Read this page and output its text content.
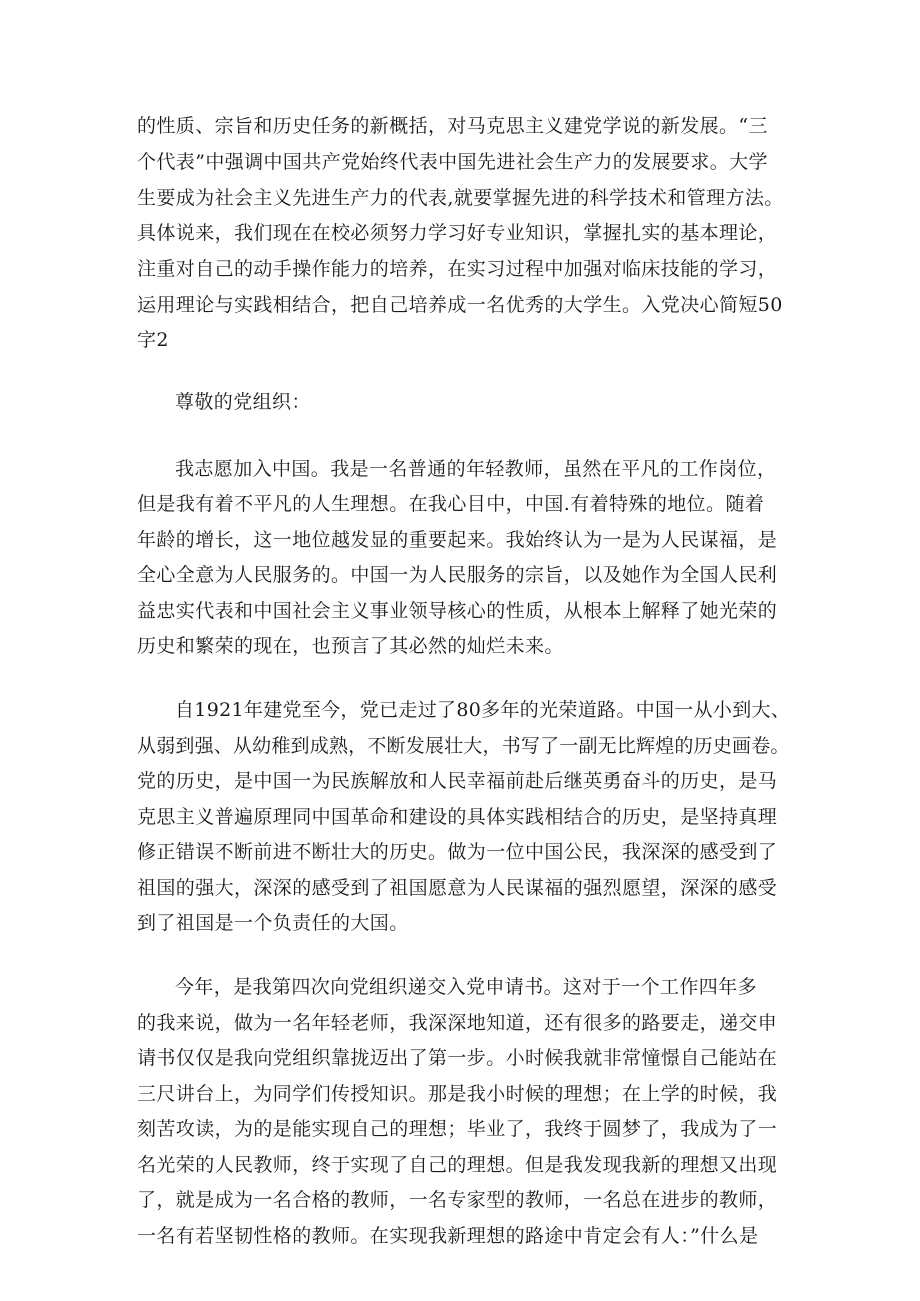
的性质、宗旨和历史任务的新概括，对马克思主义建党学说的新发展。“三
个代表”中强调中国共产党始终代表中国先进社会生产力的发展要求。大学
生要成为社会主义先进生产力的代表,就要掌握先进的科学技术和管理方法。
具体说来，我们现在在校必须努力学习好专业知识，掌握扎实的基本理论，
注重对自己的动手操作能力的培养，在实习过程中加强对临床技能的学习，
运用理论与实践相结合，把自己培养成一名优秀的大学生。入党决心简短50
字2
尊敬的党组织：
我志愿加入中国。我是一名普通的年轻教师，虽然在平凡的工作岗位，
但是我有着不平凡的人生理想。在我心目中，中国.有着特殊的地位。随着
年龄的增长，这一地位越发显的重要起来。我始终认为一是为人民谋福，是
全心全意为人民服务的。中国一为人民服务的宗旨，以及她作为全国人民利
益忠实代表和中国社会主义事业领导核心的性质，从根本上解释了她光荣的
历史和繁荣的现在，也预言了其必然的灿烂未来。
自1921年建党至今，党已走过了80多年的光荣道路。中国一从小到大、
从弱到强、从幼稚到成熟，不断发展壮大，书写了一副无比辉煌的历史画卷。
党的历史，是中国一为民族解放和人民幸福前赴后继英勇奋斗的历史，是马
克思主义普遍原理同中国革命和建设的具体实践相结合的历史，是坚持真理
修正错误不断前进不断壮大的历史。做为一位中国公民，我深深的感受到了
祖国的强大，深深的感受到了祖国愿意为人民谋福的强烈愿望，深深的感受
到了祖国是一个负责任的大国。
今年，是我第四次向党组织递交入党申请书。这对于一个工作四年多
的我来说，做为一名年轻老师，我深深地知道，还有很多的路要走，递交申
请书仅仅是我向党组织靠拢迈出了第一步。小时候我就非常憧憬自己能站在
三尺讲台上，为同学们传授知识。那是我小时候的理想；在上学的时候，我
刻苦攻读，为的是能实现自己的理想；毕业了，我终于圆梦了，我成为了一
名光荣的人民教师，终于实现了自己的理想。但是我发现我新的理想又出现
了，就是成为一名合格的教师，一名专家型的教师，一名总在进步的教师，
一名有若坚韧性格的教师。在实现我新理想的路途中肯定会有人：”什么是
